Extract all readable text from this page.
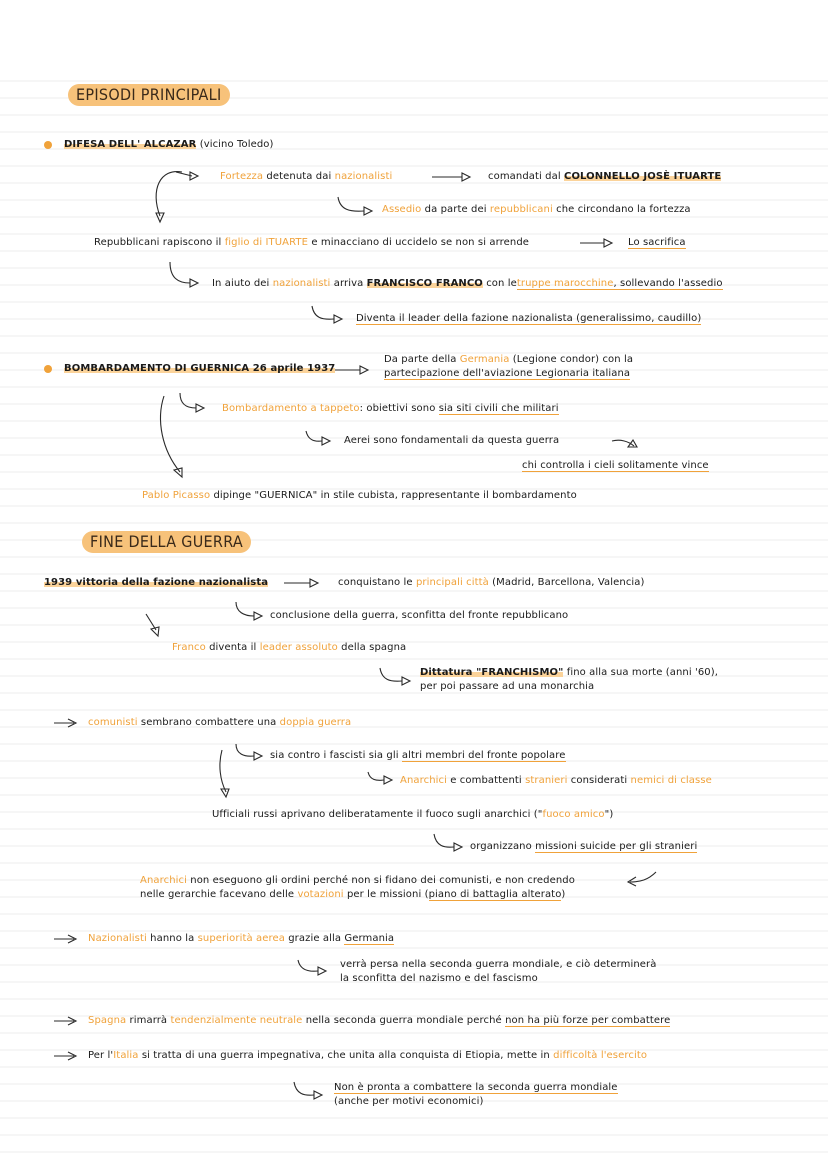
EPISODI PRINCIPALI
DIFESA DELL' ALCAZAR (vicino Toledo)
Fortezza detenuta dai nazionalisti	comandati dal COLONNELLO JOSÈ ITUARTE
Assedio da parte dei repubblicani che circondano la fortezza
Repubblicani rapiscono il figlio di ITUARTE e minacciano di uccidelo se non si arrende	Lo sacrifica
In aiuto dei nazionalisti arriva FRANCISCO FRANCO con letruppe marocchine, sollevando l'assedio
Diventa il leader della fazione nazionalista (generalissimo, caudillo)
BOMBARDAMENTO DI GUERNICA 26 aprile 1937
Da parte della Germania (Legione condor) con la
partecipazione dell'aviazione Legionaria italiana
Bombardamento a tappeto: obiettivi sono sia siti civili che militari
Aerei sono fondamentali da questa guerra
chi controlla i cieli solitamente vince
Pablo Picasso dipinge "GUERNICA" in stile cubista, rappresentante il bombardamento
FINE DELLA GUERRA
1939 vittoria della fazione nazionalista	conquistano le principali città (Madrid, Barcellona, Valencia)
conclusione della guerra, sconfitta del fronte repubblicano
Franco diventa il leader assoluto della spagna
Dittatura "FRANCHISMO" fino alla sua morte (anni '60),
per poi passare ad una monarchia
comunisti sembrano combattere una doppia guerra
sia contro i fascisti sia gli altri membri del fronte popolare
Anarchici e combattenti stranieri considerati nemici di classe
Ufficiali russi aprivano deliberatamente il fuoco sugli anarchici ("fuoco amico")
organizzano missioni suicide per gli stranieri
Anarchici non eseguono gli ordini perché non si fidano dei comunisti, e non credendo
nelle gerarchie facevano delle votazioni per le missioni (piano di battaglia alterato)
Nazionalisti hanno la superiorità aerea grazie alla Germania
verrà persa nella seconda guerra mondiale, e ciò determinerà
la sconfitta del nazismo e del fascismo
Spagna rimarrà tendenzialmente neutrale nella seconda guerra mondiale perché non ha più forze per combattere
Per l'Italia si tratta di una guerra impegnativa, che unita alla conquista di Etiopia, mette in difficoltà l'esercito
Non è pronta a combattere la seconda guerra mondiale
(anche per motivi economici)
